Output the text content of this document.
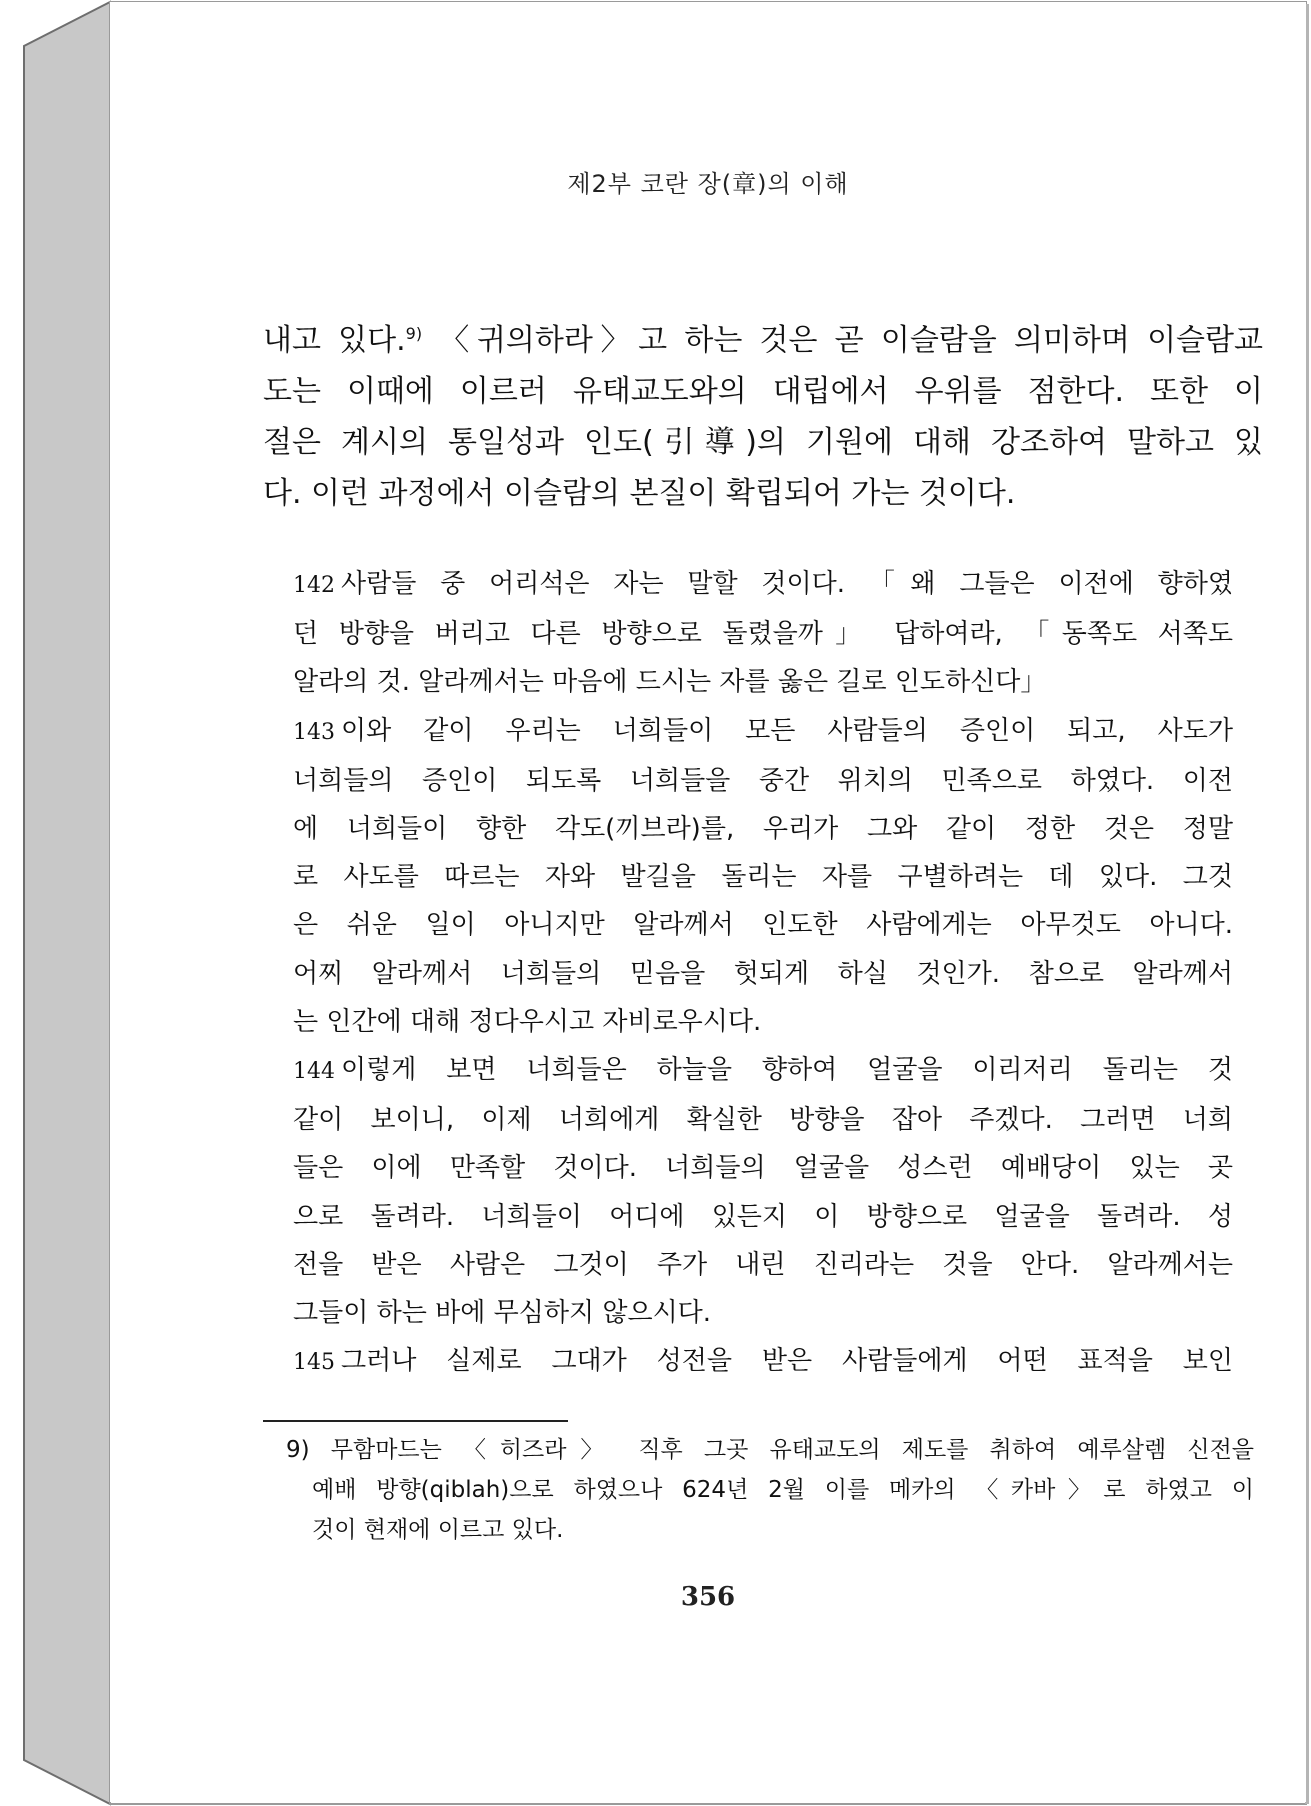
제2부 코란 장(章)의 이해
내고 있다.$^{9)}$ 〈귀의하라〉고 하는 것은 곧 이슬람을 의미하며 이슬람교
도는 이때에 이르러 유태교도와의 대립에서 우위를 점한다. 또한 이
절은 계시의 통일성과 인도(引導)의 기원에 대해 강조하여 말하고 있
다. 이런 과정에서 이슬람의 본질이 확립되어 가는 것이다.
142 사람들 중 어리석은 자는 말할 것이다. 「왜 그들은 이전에 향하였
던 방향을 버리고 다른 방향으로 돌렸을까」 답하여라, 「동쪽도 서쪽도
알라의 것. 알라께서는 마음에 드시는 자를 옳은 길로 인도하신다」
143 이와 같이 우리는 너희들이 모든 사람들의 증인이 되고, 사도가
너희들의 증인이 되도록 너희들을 중간 위치의 민족으로 하였다. 이전
에 너희들이 향한 각도(끼브라)를, 우리가 그와 같이 정한 것은 정말
로 사도를 따르는 자와 발길을 돌리는 자를 구별하려는 데 있다. 그것
은 쉬운 일이 아니지만 알라께서 인도한 사람에게는 아무것도 아니다.
어찌 알라께서 너희들의 믿음을 헛되게 하실 것인가. 참으로 알라께서
는 인간에 대해 정다우시고 자비로우시다.
144 이렇게 보면 너희들은 하늘을 향하여 얼굴을 이리저리 돌리는 것
같이 보이니, 이제 너희에게 확실한 방향을 잡아 주겠다. 그러면 너희
들은 이에 만족할 것이다. 너희들의 얼굴을 성스런 예배당이 있는 곳
으로 돌려라. 너희들이 어디에 있든지 이 방향으로 얼굴을 돌려라. 성
전을 받은 사람은 그것이 주가 내린 진리라는 것을 안다. 알라께서는
그들이 하는 바에 무심하지 않으시다.
145 그러나 실제로 그대가 성전을 받은 사람들에게 어떤 표적을 보인
9) 무함마드는 〈히즈라〉 직후 그곳 유태교도의 제도를 취하여 예루살렘 신전을
예배 방향(qiblah)으로 하였으나 624년 2월 이를 메카의 〈카바〉로 하였고 이
것이 현재에 이르고 있다.
356
